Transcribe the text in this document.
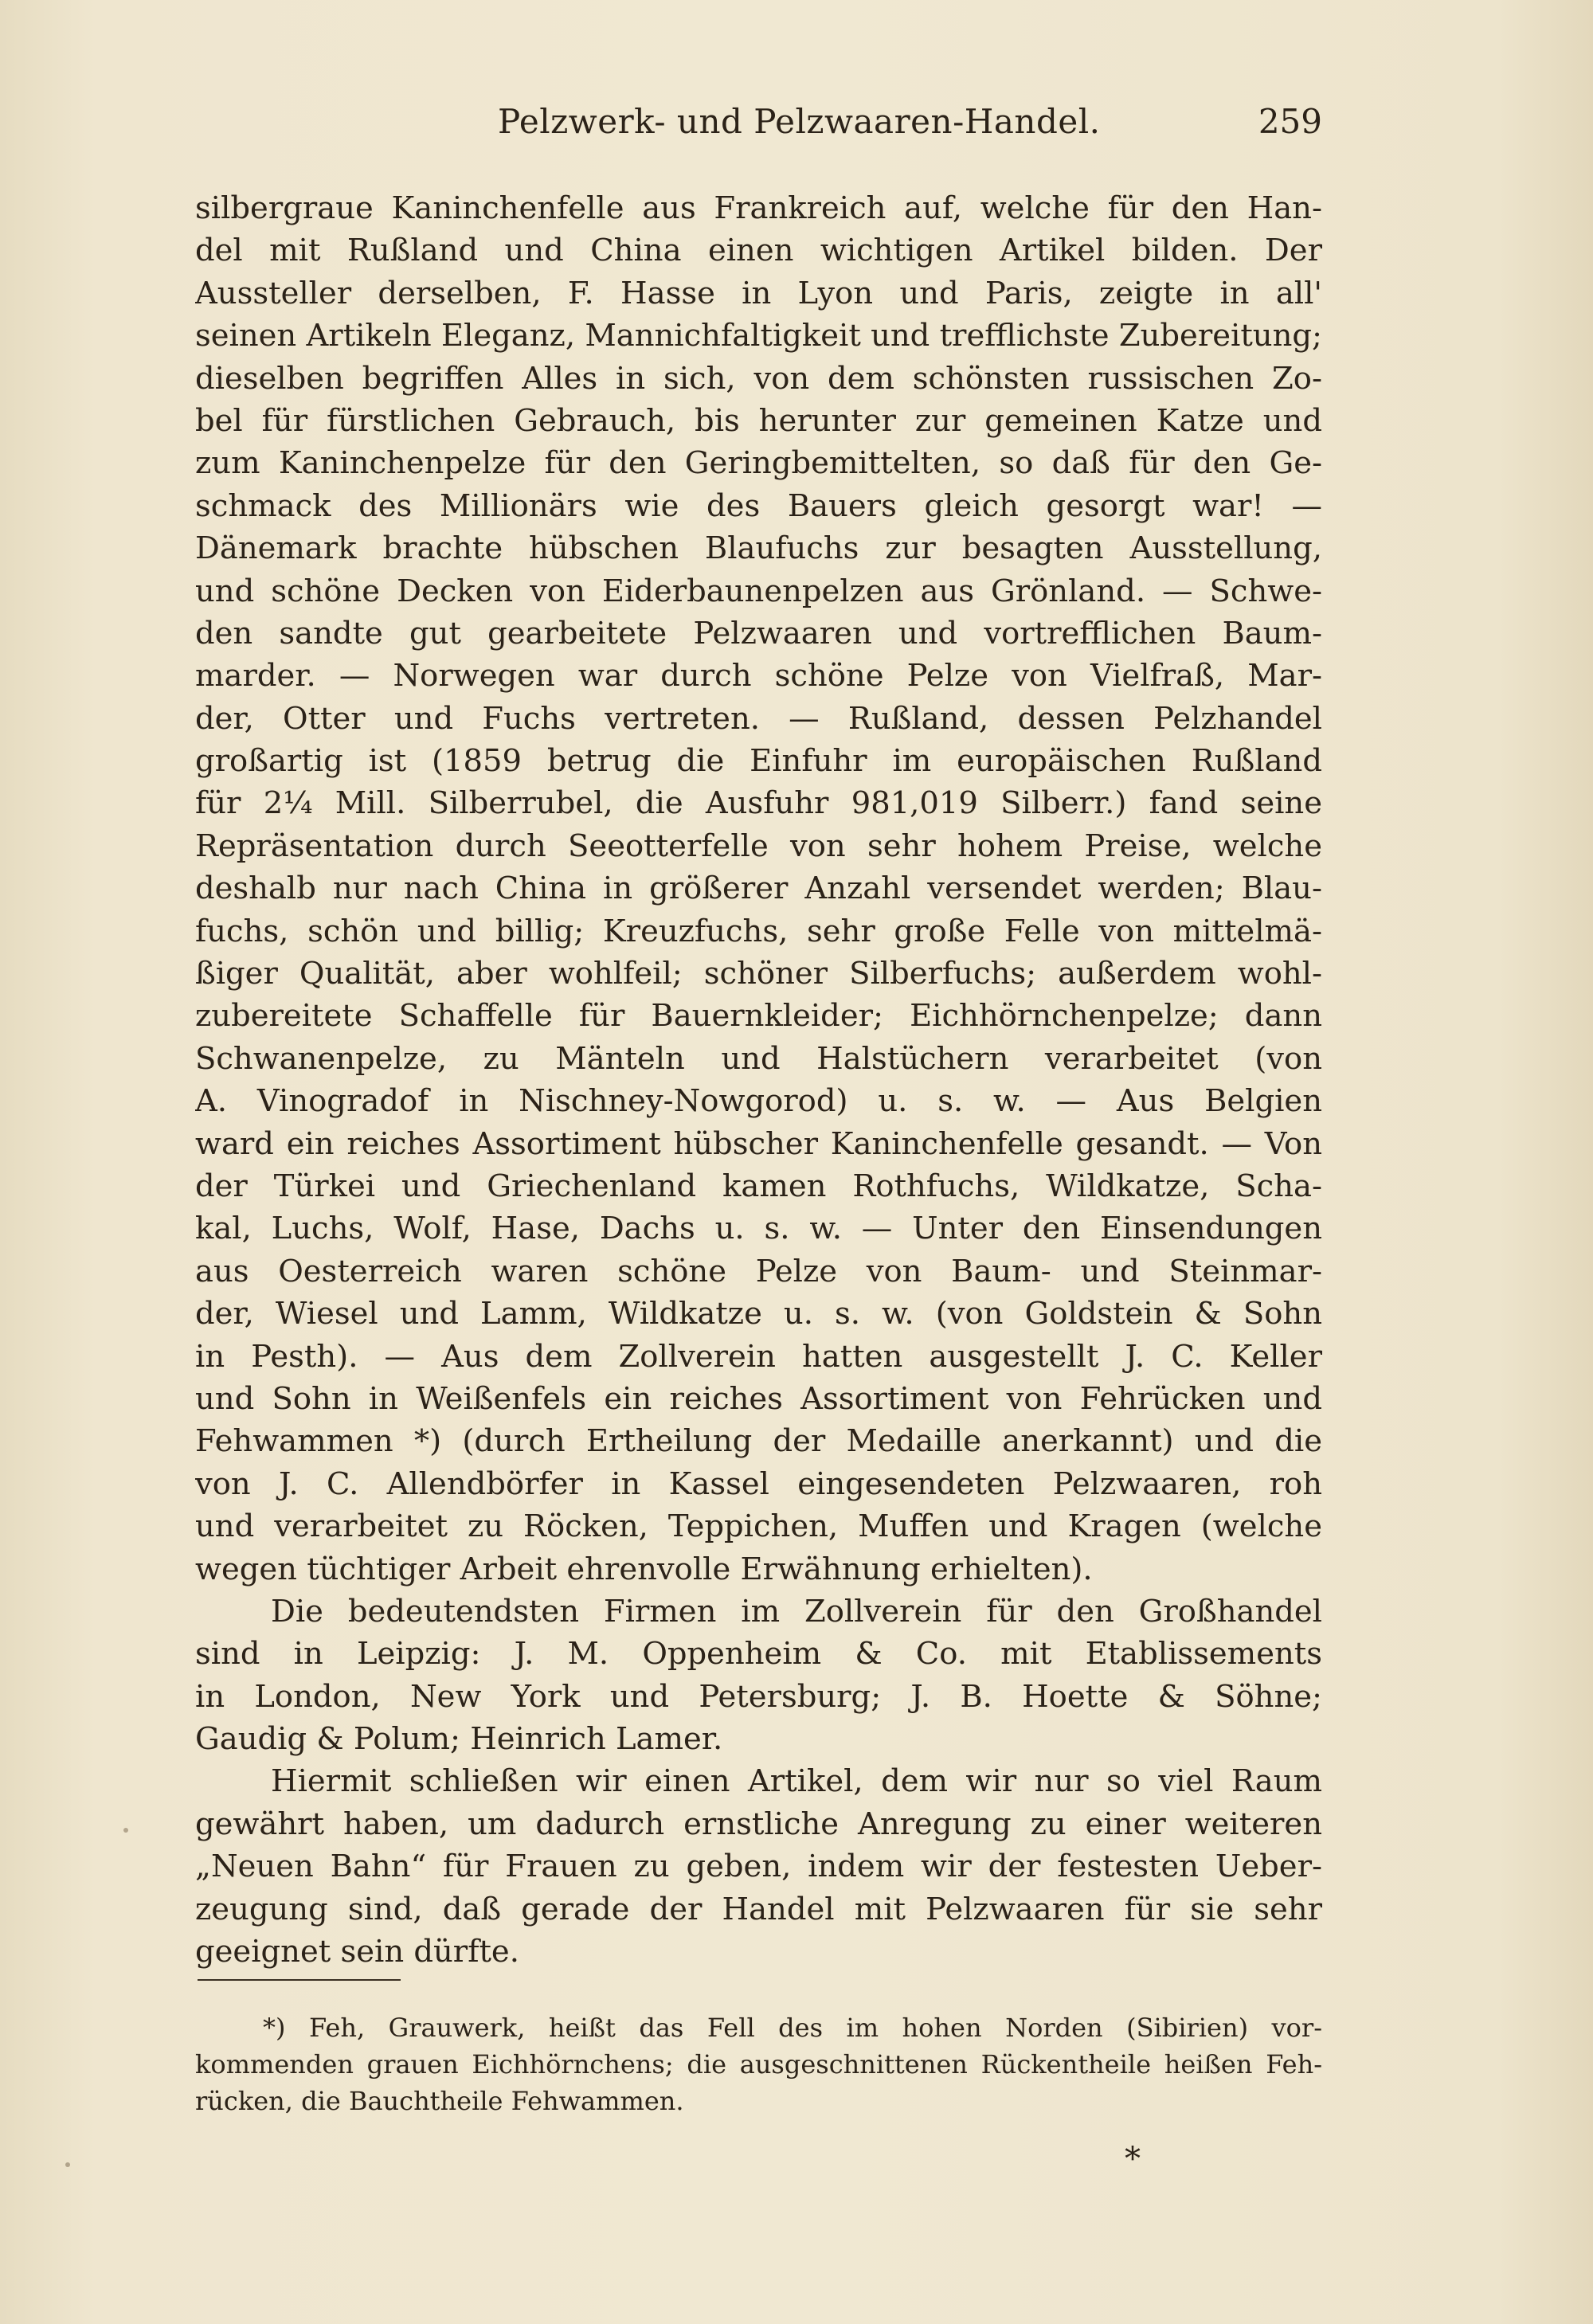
Pelzwerk- und Pelzwaaren-Handel.	259
silbergraue Kaninchenfelle aus Frankreich auf, welche für den Han-
del mit Rußland und China einen wichtigen Artikel bilden. Der
Aussteller derselben, F. Hasse in Lyon und Paris, zeigte in all'
seinen Artikeln Eleganz, Mannichfaltigkeit und trefflichste Zubereitung;
dieselben begriffen Alles in sich, von dem schönsten russischen Zo-
bel für fürstlichen Gebrauch, bis herunter zur gemeinen Katze und
zum Kaninchenpelze für den Geringbemittelten, so daß für den Ge-
schmack des Millionärs wie des Bauers gleich gesorgt war! —
Dänemark brachte hübschen Blaufuchs zur besagten Ausstellung,
und schöne Decken von Eiderbaunenpelzen aus Grönland. — Schwe-
den sandte gut gearbeitete Pelzwaaren und vortrefflichen Baum-
marder. — Norwegen war durch schöne Pelze von Vielfraß, Mar-
der, Otter und Fuchs vertreten. — Rußland, dessen Pelzhandel
großartig ist (1859 betrug die Einfuhr im europäischen Rußland
für 2¼ Mill. Silberrubel, die Ausfuhr 981,019 Silberr.) fand seine
Repräsentation durch Seeotterfelle von sehr hohem Preise, welche
deshalb nur nach China in größerer Anzahl versendet werden; Blau-
fuchs, schön und billig; Kreuzfuchs, sehr große Felle von mittelmä-
ßiger Qualität, aber wohlfeil; schöner Silberfuchs; außerdem wohl-
zubereitete Schaffelle für Bauernkleider; Eichhörnchenpelze; dann
Schwanenpelze, zu Mänteln und Halstüchern verarbeitet (von
A. Vinogradof in Nischney-Nowgorod) u. s. w. — Aus Belgien
ward ein reiches Assortiment hübscher Kaninchenfelle gesandt. — Von
der Türkei und Griechenland kamen Rothfuchs, Wildkatze, Scha-
kal, Luchs, Wolf, Hase, Dachs u. s. w. — Unter den Einsendungen
aus Oesterreich waren schöne Pelze von Baum- und Steinmar-
der, Wiesel und Lamm, Wildkatze u. s. w. (von Goldstein & Sohn
in Pesth). — Aus dem Zollverein hatten ausgestellt J. C. Keller
und Sohn in Weißenfels ein reiches Assortiment von Fehrücken und
Fehwammen *) (durch Ertheilung der Medaille anerkannt) und die
von J. C. Allendbörfer in Kassel eingesendeten Pelzwaaren, roh
und verarbeitet zu Röcken, Teppichen, Muffen und Kragen (welche
wegen tüchtiger Arbeit ehrenvolle Erwähnung erhielten).
Die bedeutendsten Firmen im Zollverein für den Großhandel
sind in Leipzig: J. M. Oppenheim & Co. mit Etablissements
in London, New York und Petersburg; J. B. Hoette & Söhne;
Gaudig & Polum; Heinrich Lamer.
Hiermit schließen wir einen Artikel, dem wir nur so viel Raum
gewährt haben, um dadurch ernstliche Anregung zu einer weiteren
„Neuen Bahn“ für Frauen zu geben, indem wir der festesten Ueber-
zeugung sind, daß gerade der Handel mit Pelzwaaren für sie sehr
geeignet sein dürfte.
*) Feh, Grauwerk, heißt das Fell des im hohen Norden (Sibirien) vor-
kommenden grauen Eichhörnchens; die ausgeschnittenen Rückentheile heißen Feh-
rücken, die Bauchtheile Fehwammen.
*
